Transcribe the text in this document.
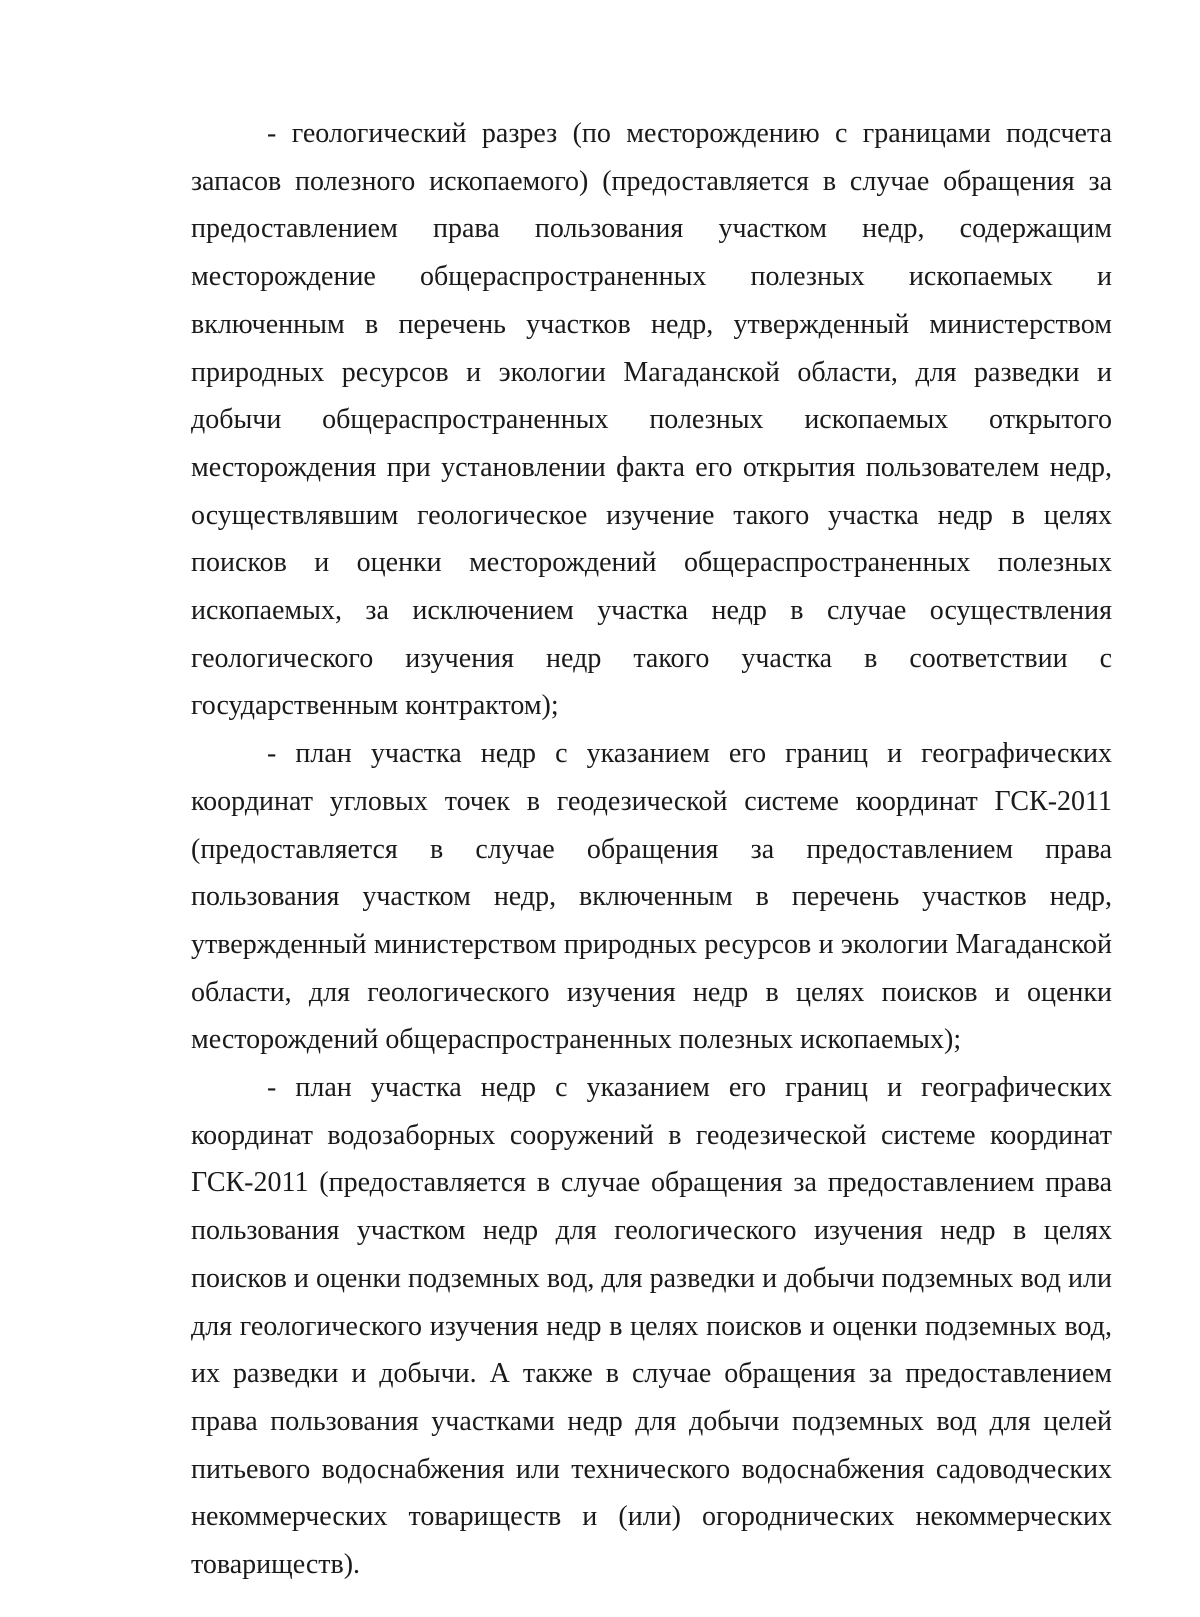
- геологический разрез (по месторождению с границами подсчета запасов полезного ископаемого) (предоставляется в случае обращения за предоставлением права пользования участком недр, содержащим месторождение общераспространенных полезных ископаемых и включенным в перечень участков недр, утвержденный министерством природных ресурсов и экологии Магаданской области, для разведки и добычи общераспространенных полезных ископаемых открытого месторождения при установлении факта его открытия пользователем недр, осуществлявшим геологическое изучение такого участка недр в целях поисков и оценки месторождений общераспространенных полезных ископаемых, за исключением участка недр в случае осуществления геологического изучения недр такого участка в соответствии с государственным контрактом);

- план участка недр с указанием его границ и географических координат угловых точек в геодезической системе координат ГСК-2011 (предоставляется в случае обращения за предоставлением права пользования участком недр, включенным в перечень участков недр, утвержденный министерством природных ресурсов и экологии Магаданской области, для геологического изучения недр в целях поисков и оценки месторождений общераспространенных полезных ископаемых);

- план участка недр с указанием его границ и географических координат водозаборных сооружений в геодезической системе координат ГСК-2011 (предоставляется в случае обращения за предоставлением права пользования участком недр для геологического изучения недр в целях поисков и оценки подземных вод, для разведки и добычи подземных вод или для геологического изучения недр в целях поисков и оценки подземных вод, их разведки и добычи. А также в случае обращения за предоставлением права пользования участками недр для добычи подземных вод для целей питьевого водоснабжения или технического водоснабжения садоводческих некоммерческих товариществ и (или) огороднических некоммерческих товариществ).
